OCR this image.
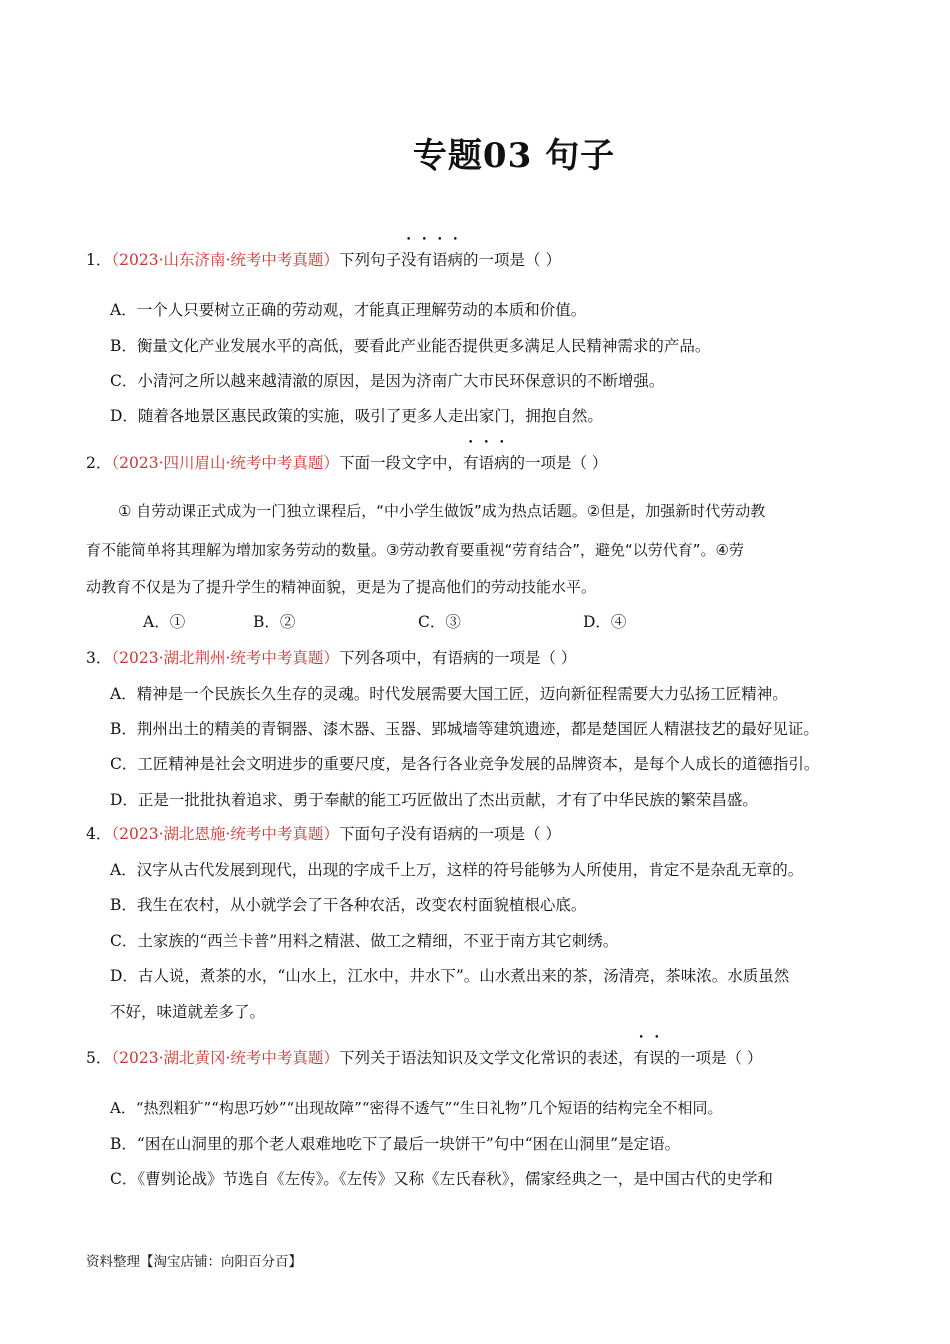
专题03 句子
1．（2023·山东济南·统考中考真题）下列句子没有语病的一项是（ ）
A．一个人只要树立正确的劳动观，才能真正理解劳动的本质和价值。
B．衡量文化产业发展水平的高低，要看此产业能否提供更多满足人民精神需求的产品。
C．小清河之所以越来越清澈的原因，是因为济南广大市民环保意识的不断增强。
D．随着各地景区惠民政策的实施，吸引了更多人走出家门，拥抱自然。
2．（2023·四川眉山·统考中考真题）下面一段文字中，有语病的一项是（ ）
① 自劳动课正式成为一门独立课程后，“中小学生做饭”成为热点话题。②但是，加强新时代劳动教
育不能简单将其理解为增加家务劳动的数量。③劳动教育要重视“劳育结合”，避免“以劳代育”。④劳
动教育不仅是为了提升学生的精神面貌，更是为了提高他们的劳动技能水平。
A．①	B．②	C．③	D．④
3．（2023·湖北荆州·统考中考真题）下列各项中，有语病的一项是（ ）
A．精神是一个民族长久生存的灵魂。时代发展需要大国工匠，迈向新征程需要大力弘扬工匠精神。
B．荆州出土的精美的青铜器、漆木器、玉器、郢城墙等建筑遗迹，都是楚国匠人精湛技艺的最好见证。
C．工匠精神是社会文明进步的重要尺度，是各行各业竞争发展的品牌资本，是每个人成长的道德指引。
D．正是一批批执着追求、勇于奉献的能工巧匠做出了杰出贡献，才有了中华民族的繁荣昌盛。
4．（2023·湖北恩施·统考中考真题）下面句子没有语病的一项是（ ）
A．汉字从古代发展到现代，出现的字成千上万，这样的符号能够为人所使用，肯定不是杂乱无章的。
B．我生在农村，从小就学会了干各种农活，改变农村面貌植根心底。
C．土家族的“西兰卡普”用料之精湛、做工之精细，不亚于南方其它刺绣。
D．古人说，煮茶的水，“山水上，江水中，井水下”。山水煮出来的茶，汤清亮，茶味浓。水质虽然
不好，味道就差多了。
5．（2023·湖北黄冈·统考中考真题）下列关于语法知识及文学文化常识的表述，有误的一项是（ ）
A．“热烈粗犷”“构思巧妙”“出现故障”“密得不透气”“生日礼物”几个短语的结构完全不相同。
B．“困在山洞里的那个老人艰难地吃下了最后一块饼干”句中“困在山洞里”是定语。
C．《曹刿论战》节选自《左传》。《左传》又称《左氏春秋》，儒家经典之一，是中国古代的史学和
资料整理【淘宝店铺：向阳百分百】
